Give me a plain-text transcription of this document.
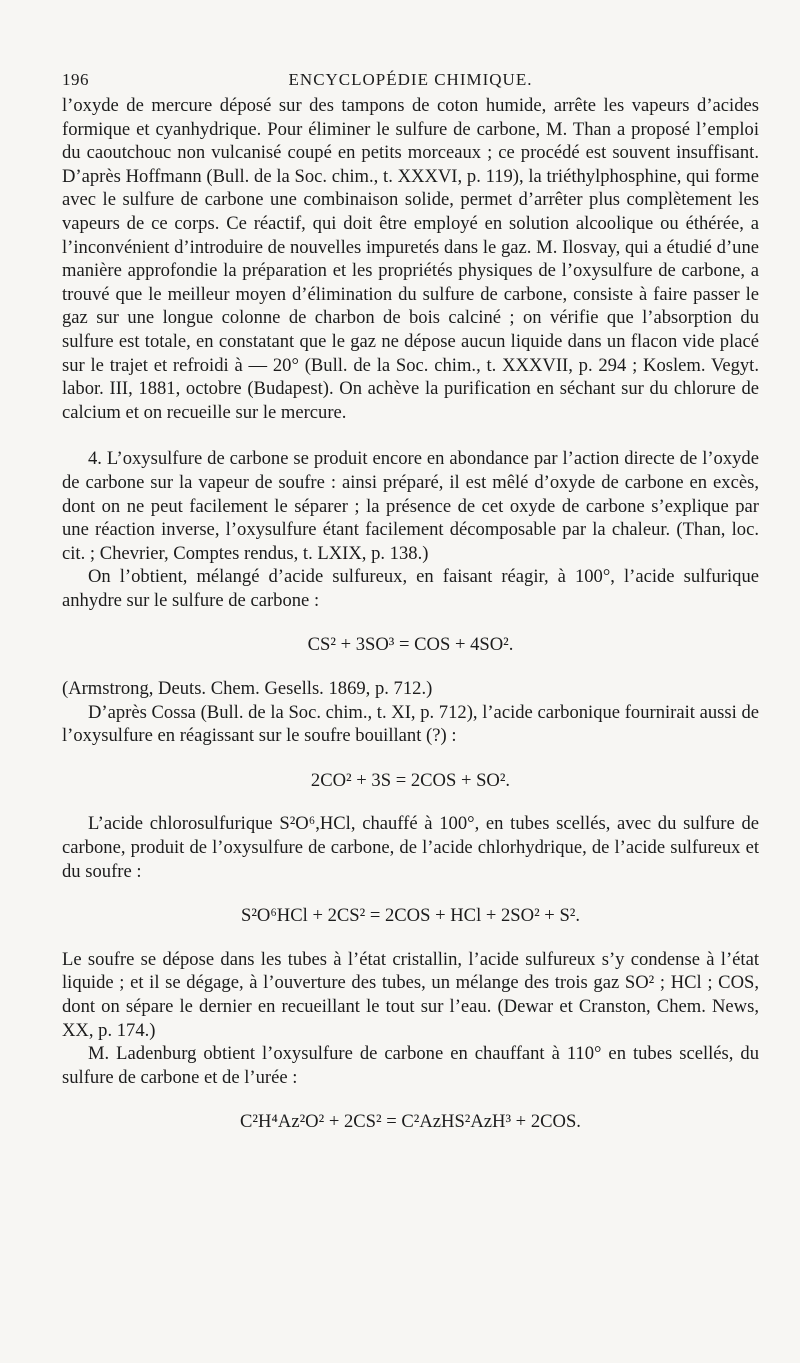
196	ENCYCLOPÉDIE CHIMIQUE.

l’oxyde de mercure déposé sur des tampons de coton humide, arrête les vapeurs d’acides formique et cyanhydrique. Pour éliminer le sulfure de carbone, M. Than a proposé l’emploi du caoutchouc non vulcanisé coupé en petits morceaux ; ce procédé est souvent insuffisant. D’après Hoffmann (Bull. de la Soc. chim., t. XXXVI, p. 119), la triéthylphosphine, qui forme avec le sulfure de carbone une combinaison solide, permet d’arrêter plus complètement les vapeurs de ce corps. Ce réactif, qui doit être employé en solution alcoolique ou éthérée, a l’inconvénient d’introduire de nouvelles impuretés dans le gaz. M. Ilosvay, qui a étudié d’une manière approfondie la préparation et les propriétés physiques de l’oxysulfure de carbone, a trouvé que le meilleur moyen d’élimination du sulfure de carbone, consiste à faire passer le gaz sur une longue colonne de charbon de bois calciné ; on vérifie que l’absorption du sulfure est totale, en constatant que le gaz ne dépose aucun liquide dans un flacon vide placé sur le trajet et refroidi à — 20° (Bull. de la Soc. chim., t. XXXVII, p. 294 ; Koslem. Vegyt. labor. III, 1881, octobre (Budapest). On achève la purification en séchant sur du chlorure de calcium et on recueille sur le mercure.

4. L’oxysulfure de carbone se produit encore en abondance par l’action directe de l’oxyde de carbone sur la vapeur de soufre : ainsi préparé, il est mêlé d’oxyde de carbone en excès, dont on ne peut facilement le séparer ; la présence de cet oxyde de carbone s’explique par une réaction inverse, l’oxysulfure étant facilement décomposable par la chaleur. (Than, loc. cit. ; Chevrier, Comptes rendus, t. LXIX, p. 138.)

On l’obtient, mélangé d’acide sulfureux, en faisant réagir, à 100°, l’acide sulfurique anhydre sur le sulfure de carbone :

CS² + 3SO³ = COS + 4SO².

(Armstrong, Deuts. Chem. Gesells. 1869, p. 712.)

D’après Cossa (Bull. de la Soc. chim., t. XI, p. 712), l’acide carbonique fournirait aussi de l’oxysulfure en réagissant sur le soufre bouillant (?) :

2CO² + 3S = 2COS + SO².

L’acide chlorosulfurique S²O⁶,HCl, chauffé à 100°, en tubes scellés, avec du sulfure de carbone, produit de l’oxysulfure de carbone, de l’acide chlorhydrique, de l’acide sulfureux et du soufre :

S²O⁶HCl + 2CS² = 2COS + HCl + 2SO² + S².

Le soufre se dépose dans les tubes à l’état cristallin, l’acide sulfureux s’y condense à l’état liquide ; et il se dégage, à l’ouverture des tubes, un mélange des trois gaz SO² ; HCl ; COS, dont on sépare le dernier en recueillant le tout sur l’eau. (Dewar et Cranston, Chem. News, XX, p. 174.)

M. Ladenburg obtient l’oxysulfure de carbone en chauffant à 110° en tubes scellés, du sulfure de carbone et de l’urée :

C²H⁴Az²O² + 2CS² = C²AzHS²AzH³ + 2COS.
